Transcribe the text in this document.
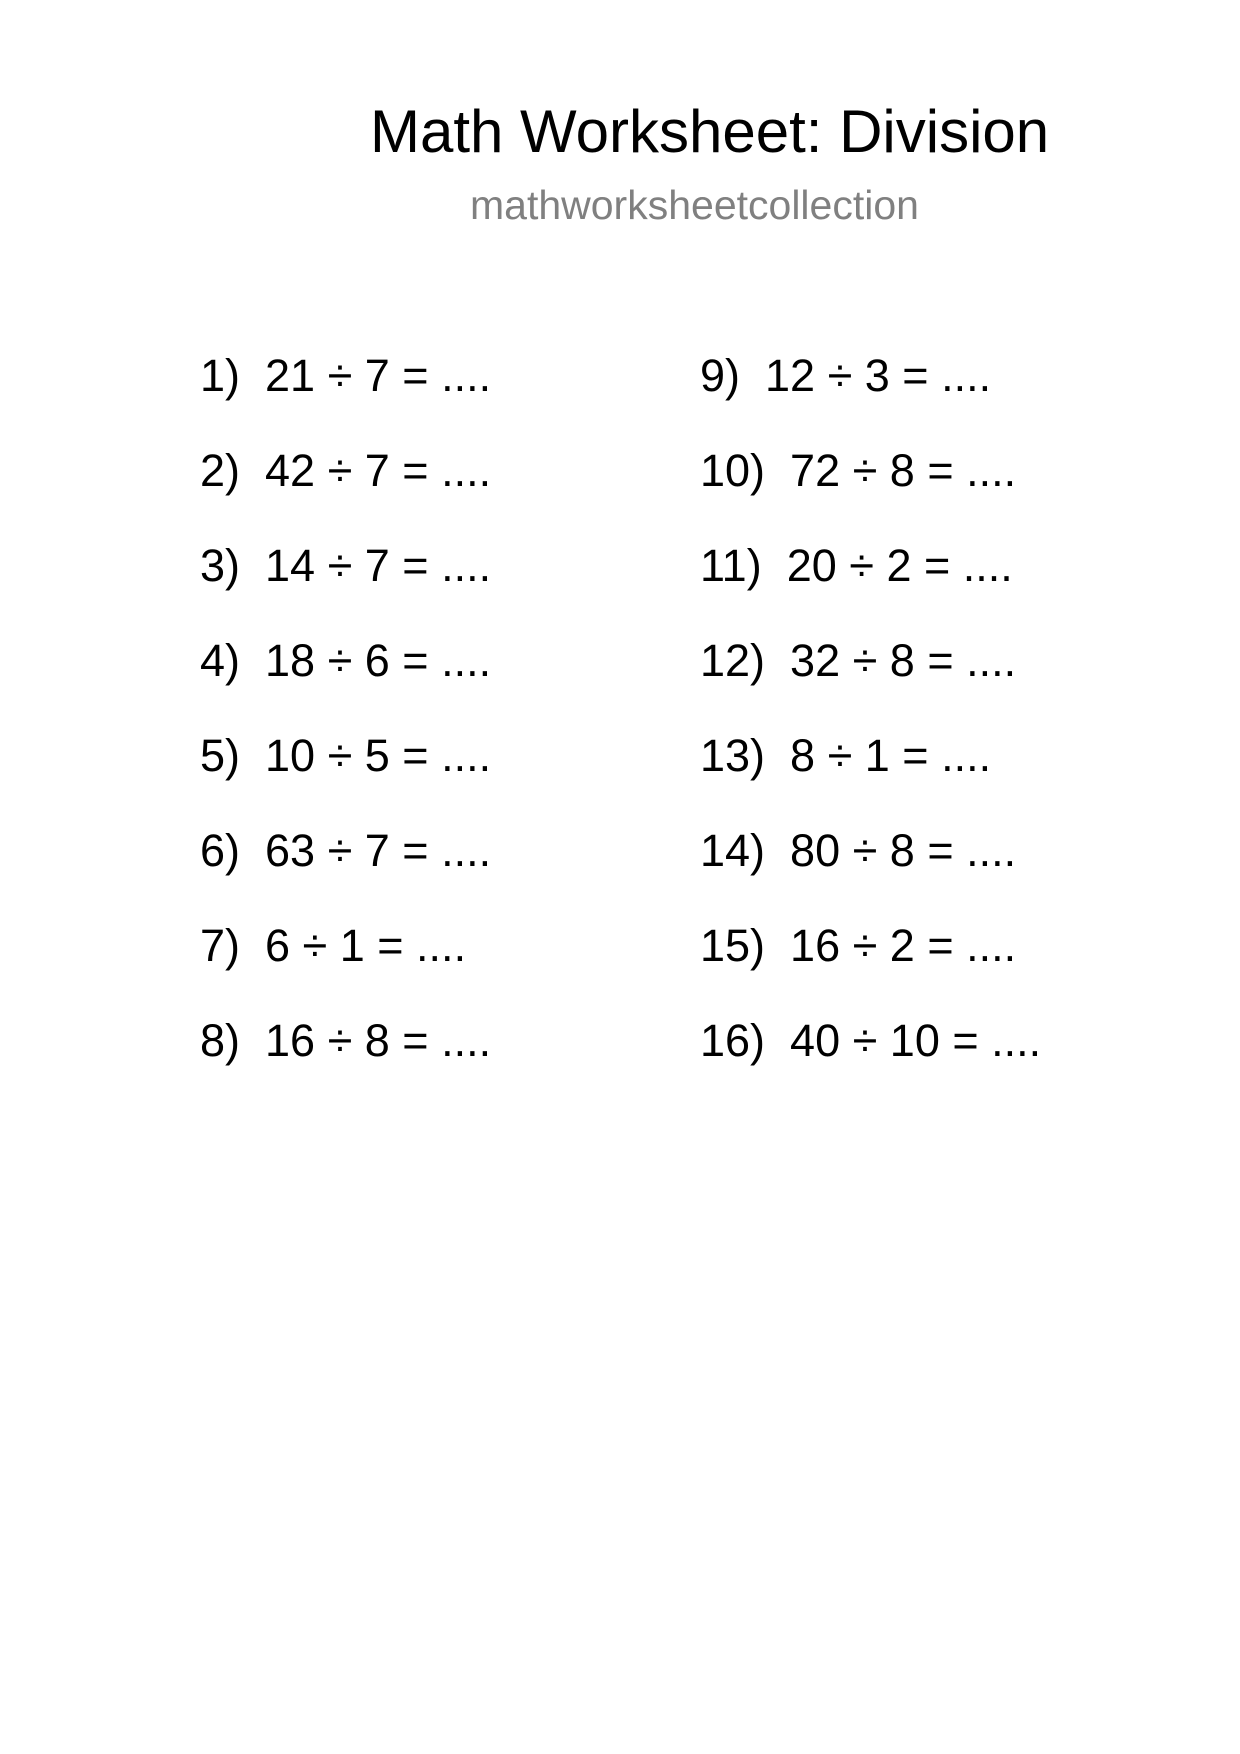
Math Worksheet: Division
mathworksheetcollection
1)  21 ÷ 7 = ....
2)  42 ÷ 7 = ....
3)  14 ÷ 7 = ....
4)  18 ÷ 6 = ....
5)  10 ÷ 5 = ....
6)  63 ÷ 7 = ....
7)  6 ÷ 1 = ....
8)  16 ÷ 8 = ....
9)  12 ÷ 3 = ....
10)  72 ÷ 8 = ....
11)  20 ÷ 2 = ....
12)  32 ÷ 8 = ....
13)  8 ÷ 1 = ....
14)  80 ÷ 8 = ....
15)  16 ÷ 2 = ....
16)  40 ÷ 10 = ....
